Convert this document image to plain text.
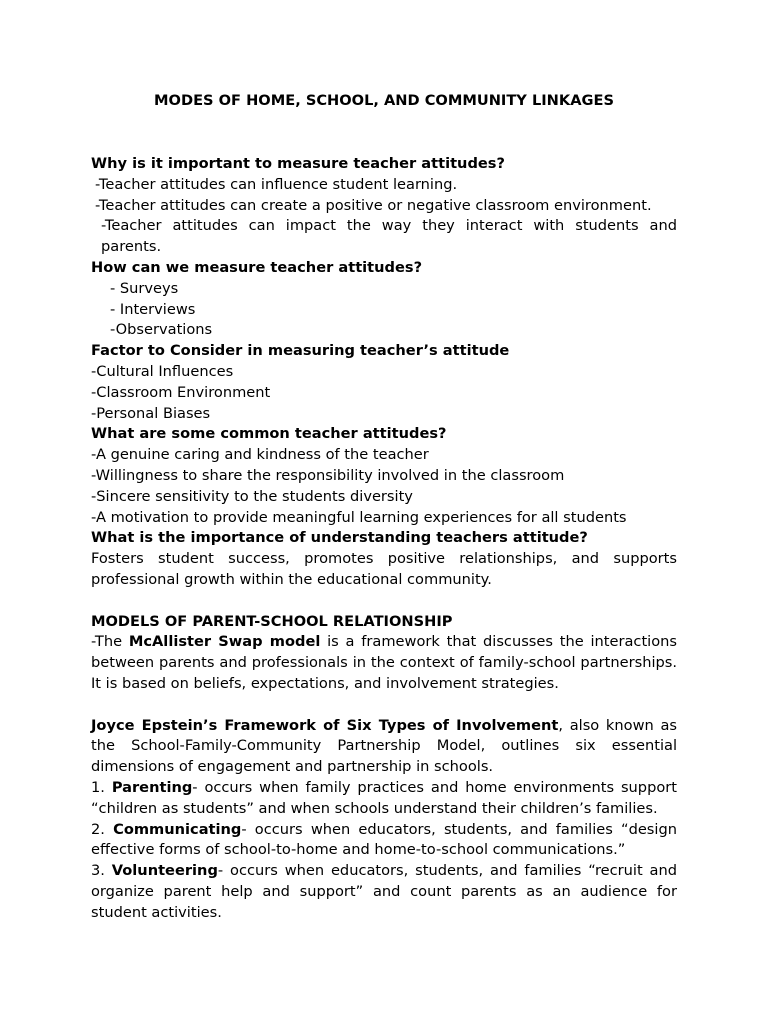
MODES OF HOME, SCHOOL, AND COMMUNITY LINKAGES

Why is it important to measure teacher attitudes?

-Teacher attitudes can influence student learning.

-Teacher attitudes can create a positive or negative classroom environment.

-Teacher attitudes can impact the way they interact with students and parents.

How can we measure teacher attitudes?

- Surveys

- Interviews

-Observations

Factor to Consider in measuring teacher’s attitude

-Cultural Influences

-Classroom Environment

-Personal Biases

What are some common teacher attitudes?

-A genuine caring and kindness of the teacher

-Willingness to share the responsibility involved in the classroom

-Sincere sensitivity to the students diversity

-A motivation to provide meaningful learning experiences for all students

What is the importance of understanding teachers attitude?

Fosters student success, promotes positive relationships, and supports professional growth within the educational community.

MODELS OF PARENT-SCHOOL RELATIONSHIP

-The McAllister Swap model is a framework that discusses the interactions between parents and professionals in the context of family-school partnerships. It is based on beliefs, expectations, and involvement strategies.

Joyce Epstein’s Framework of Six Types of Involvement, also known as the School-Family-Community Partnership Model, outlines six essential dimensions of engagement and partnership in schools.

1. Parenting- occurs when family practices and home environments support “children as students” and when schools understand their children’s families.

2. Communicating- occurs when educators, students, and families “design effective forms of school-to-home and home-to-school communications.”

3. Volunteering- occurs when educators, students, and families “recruit and organize parent help and support” and count parents as an audience for student activities.
